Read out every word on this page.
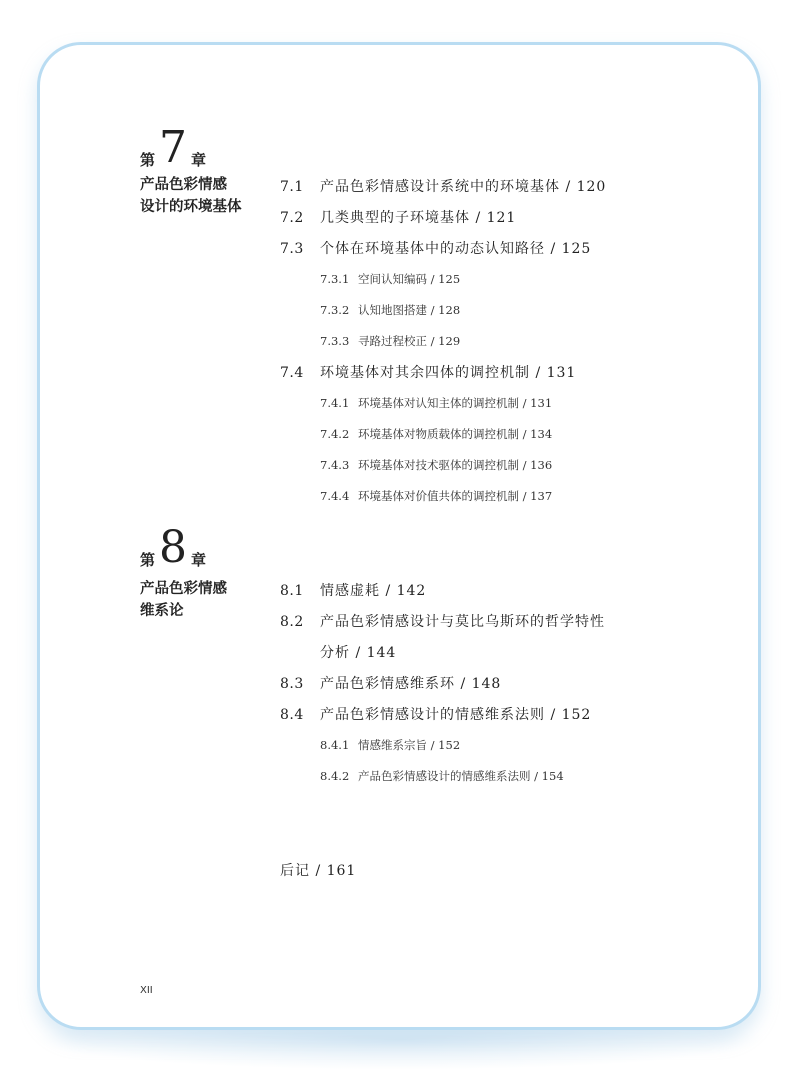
第 7 章
产品色彩情感
设计的环境基体
7.1 产品色彩情感设计系统中的环境基体 / 120
7.2 几类典型的子环境基体 / 121
7.3 个体在环境基体中的动态认知路径 / 125
7.3.1 空间认知编码 / 125
7.3.2 认知地图搭建 / 128
7.3.3 寻路过程校正 / 129
7.4 环境基体对其余四体的调控机制 / 131
7.4.1 环境基体对认知主体的调控机制 / 131
7.4.2 环境基体对物质载体的调控机制 / 134
7.4.3 环境基体对技术驱体的调控机制 / 136
7.4.4 环境基体对价值共体的调控机制 / 137
第 8 章
产品色彩情感
维系论
8.1 情感虚耗 / 142
8.2 产品色彩情感设计与莫比乌斯环的哲学特性
分析 / 144
8.3 产品色彩情感维系环 / 148
8.4 产品色彩情感设计的情感维系法则 / 152
8.4.1 情感维系宗旨 / 152
8.4.2 产品色彩情感设计的情感维系法则 / 154
后记 / 161
XII
